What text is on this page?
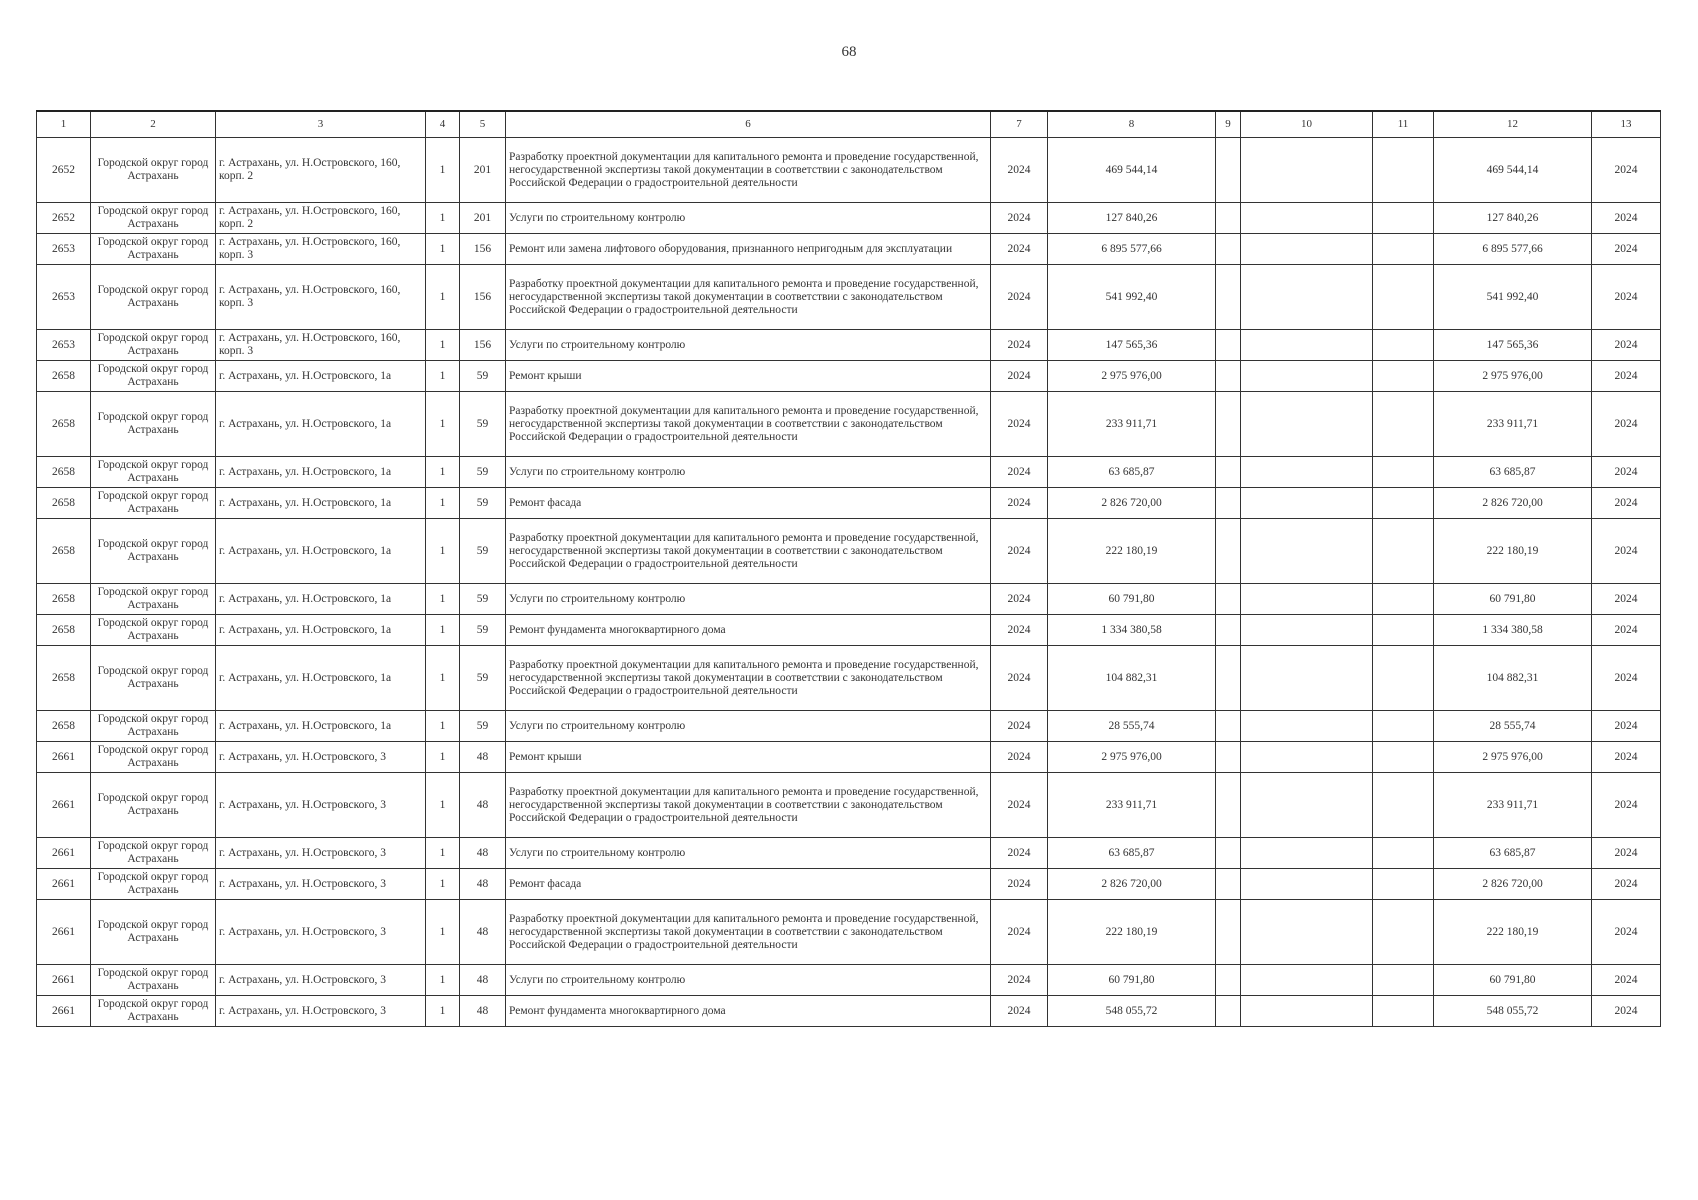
68
1	2	3	4	5	6	7	8	9	10	11	12	13

2652	Городской округ город Астрахань	г. Астрахань, ул. Н.Островского, 160, корп. 2	1	201	Разработку проектной документации для капитального ремонта и проведение государственной, негосударственной экспертизы такой документации в соответствии с законодательством Российской Федерации о градостроительной деятельности	2024	469 544,14				469 544,14	2024

2652	Городской округ город Астрахань	г. Астрахань, ул. Н.Островского, 160, корп. 2	1	201	Услуги по строительному контролю	2024	127 840,26				127 840,26	2024

2653	Городской округ город Астрахань	г. Астрахань, ул. Н.Островского, 160, корп. 3	1	156	Ремонт или замена лифтового оборудования, признанного непригодным для эксплуатации	2024	6 895 577,66				6 895 577,66	2024

2653	Городской округ город Астрахань	г. Астрахань, ул. Н.Островского, 160, корп. 3	1	156	Разработку проектной документации для капитального ремонта и проведение государственной, негосударственной экспертизы такой документации в соответствии с законодательством Российской Федерации о градостроительной деятельности	2024	541 992,40				541 992,40	2024

2653	Городской округ город Астрахань	г. Астрахань, ул. Н.Островского, 160, корп. 3	1	156	Услуги по строительному контролю	2024	147 565,36				147 565,36	2024

2658	Городской округ город Астрахань	г. Астрахань, ул. Н.Островского, 1а	1	59	Ремонт крыши	2024	2 975 976,00				2 975 976,00	2024

2658	Городской округ город Астрахань	г. Астрахань, ул. Н.Островского, 1а	1	59	Разработку проектной документации для капитального ремонта и проведение государственной, негосударственной экспертизы такой документации в соответствии с законодательством Российской Федерации о градостроительной деятельности	2024	233 911,71				233 911,71	2024

2658	Городской округ город Астрахань	г. Астрахань, ул. Н.Островского, 1а	1	59	Услуги по строительному контролю	2024	63 685,87				63 685,87	2024

2658	Городской округ город Астрахань	г. Астрахань, ул. Н.Островского, 1а	1	59	Ремонт фасада	2024	2 826 720,00				2 826 720,00	2024

2658	Городской округ город Астрахань	г. Астрахань, ул. Н.Островского, 1а	1	59	Разработку проектной документации для капитального ремонта и проведение государственной, негосударственной экспертизы такой документации в соответствии с законодательством Российской Федерации о градостроительной деятельности	2024	222 180,19				222 180,19	2024

2658	Городской округ город Астрахань	г. Астрахань, ул. Н.Островского, 1а	1	59	Услуги по строительному контролю	2024	60 791,80				60 791,80	2024

2658	Городской округ город Астрахань	г. Астрахань, ул. Н.Островского, 1а	1	59	Ремонт фундамента многоквартирного дома	2024	1 334 380,58				1 334 380,58	2024

2658	Городской округ город Астрахань	г. Астрахань, ул. Н.Островского, 1а	1	59	Разработку проектной документации для капитального ремонта и проведение государственной, негосударственной экспертизы такой документации в соответствии с законодательством Российской Федерации о градостроительной деятельности	2024	104 882,31				104 882,31	2024

2658	Городской округ город Астрахань	г. Астрахань, ул. Н.Островского, 1а	1	59	Услуги по строительному контролю	2024	28 555,74				28 555,74	2024

2661	Городской округ город Астрахань	г. Астрахань, ул. Н.Островского, 3	1	48	Ремонт крыши	2024	2 975 976,00				2 975 976,00	2024

2661	Городской округ город Астрахань	г. Астрахань, ул. Н.Островского, 3	1	48	Разработку проектной документации для капитального ремонта и проведение государственной, негосударственной экспертизы такой документации в соответствии с законодательством Российской Федерации о градостроительной деятельности	2024	233 911,71				233 911,71	2024

2661	Городской округ город Астрахань	г. Астрахань, ул. Н.Островского, 3	1	48	Услуги по строительному контролю	2024	63 685,87				63 685,87	2024

2661	Городской округ город Астрахань	г. Астрахань, ул. Н.Островского, 3	1	48	Ремонт фасада	2024	2 826 720,00				2 826 720,00	2024

2661	Городской округ город Астрахань	г. Астрахань, ул. Н.Островского, 3	1	48	Разработку проектной документации для капитального ремонта и проведение государственной, негосударственной экспертизы такой документации в соответствии с законодательством Российской Федерации о градостроительной деятельности	2024	222 180,19				222 180,19	2024

2661	Городской округ город Астрахань	г. Астрахань, ул. Н.Островского, 3	1	48	Услуги по строительному контролю	2024	60 791,80				60 791,80	2024

2661	Городской округ город Астрахань	г. Астрахань, ул. Н.Островского, 3	1	48	Ремонт фундамента многоквартирного дома	2024	548 055,72				548 055,72	2024
